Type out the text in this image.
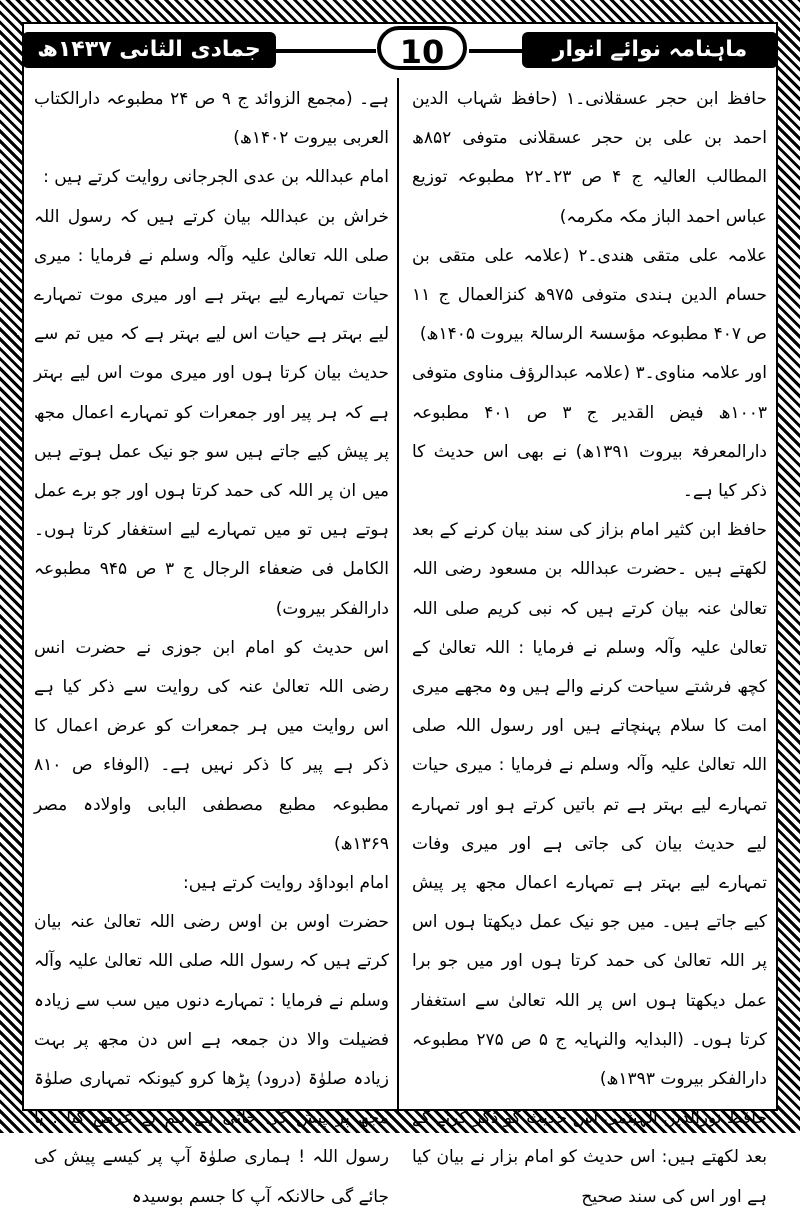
ماہنامہ نوائے انوار مدینہ
10
جمادی الثانی ۱۴۳۷ھ

حافظ ابن حجر عسقلانی۔۱ (حافظ شہاب الدین احمد بن علی بن حجر عسقلانی متوفی ۸۵۲ھ المطالب العالیہ ج ۴ ص ۲۳۔۲۲ مطبوعہ توزیع عباس احمد الباز مکہ مکرمہ)

علامہ علی متقی ھندی۔۲ (علامہ علی متقی بن حسام الدین ہندی متوفی ۹۷۵ھ کنزالعمال ج ۱۱ ص ۴۰۷ مطبوعہ مؤسسۃ الرسالۃ بیروت ۱۴۰۵ھ)

اور علامہ مناوی۔۳ (علامہ عبدالرؤف مناوی متوفی ۱۰۰۳ھ فیض القدیر ج ۳ ص ۴۰۱ مطبوعہ دارالمعرفۃ بیروت ۱۳۹۱ھ) نے بھی اس حدیث کا ذکر کیا ہے۔

حافظ ابن کثیر امام بزاز کی سند بیان کرنے کے بعد لکھتے ہیں ۔حضرت عبداللہ بن مسعود رضی اللہ تعالیٰ عنہ بیان کرتے ہیں کہ نبی کریم صلی اللہ تعالیٰ علیہ وآلہ وسلم نے فرمایا : اللہ تعالیٰ کے کچھ فرشتے سیاحت کرنے والے ہیں وہ مجھے میری امت کا سلام پہنچاتے ہیں اور رسول اللہ صلی اللہ تعالیٰ علیہ وآلہ وسلم نے فرمایا : میری حیات تمہارے لیے بہتر ہے تم باتیں کرتے ہو اور تمہارے لیے حدیث بیان کی جاتی ہے اور میری وفات تمہارے لیے بہتر ہے تمہارے اعمال مجھ پر پیش کیے جاتے ہیں۔ میں جو نیک عمل دیکھتا ہوں اس پر اللہ تعالیٰ کی حمد کرتا ہوں اور میں جو برا عمل دیکھتا ہوں اس پر اللہ تعالیٰ سے استغفار کرتا ہوں۔ (البدایہ والنہایہ ج ۵ ص ۲۷۵ مطبوعہ دارالفکر بیروت ۱۳۹۳ھ)

حافظ نورالدین الہیثمی اس حدیث کو ذکر کرنے کے بعد لکھتے ہیں: اس حدیث کو امام بزار نے بیان کیا ہے اور اس کی سند صحیح

ہے۔ (مجمع الزوائد ج ۹ ص ۲۴ مطبوعہ دارالکتاب العربی بیروت ۱۴۰۲ھ)

امام عبداللہ بن عدی الجرجانی روایت کرتے ہیں :

خراش بن عبداللہ بیان کرتے ہیں کہ رسول اللہ صلی اللہ تعالیٰ علیہ وآلہ وسلم نے فرمایا : میری حیات تمہارے لیے بہتر ہے اور میری موت تمہارے لیے بہتر ہے حیات اس لیے بہتر ہے کہ میں تم سے حدیث بیان کرتا ہوں اور میری موت اس لیے بہتر ہے کہ ہر پیر اور جمعرات کو تمہارے اعمال مجھ پر پیش کیے جاتے ہیں سو جو نیک عمل ہوتے ہیں میں ان پر اللہ کی حمد کرتا ہوں اور جو برے عمل ہوتے ہیں تو میں تمہارے لیے استغفار کرتا ہوں۔ الکامل فی ضعفاء الرجال ج ۳ ص ۹۴۵ مطبوعہ دارالفکر بیروت)

اس حدیث کو امام ابن جوزی نے حضرت انس رضی اللہ تعالیٰ عنہ کی روایت سے ذکر کیا ہے اس روایت میں ہر جمعرات کو عرض اعمال کا ذکر ہے پیر کا ذکر نہیں ہے۔ (الوفاء ص ۸۱۰ مطبوعہ مطبع مصطفی البابی واولادہ مصر ۱۳۶۹ھ)

امام ابوداؤد روایت کرتے ہیں:

حضرت اوس بن اوس رضی اللہ تعالیٰ عنہ بیان کرتے ہیں کہ رسول اللہ صلی اللہ تعالیٰ علیہ وآلہ وسلم نے فرمایا : تمہارے دنوں میں سب سے زیادہ فضیلت والا دن جمعہ ہے اس دن مجھ پر بہت زیادہ صلوٰۃ (درود) پڑھا کرو کیونکہ تمہاری صلوٰۃ مجھ پر پیش کی جاتی ہے ہم نے عرض کیا : یا رسول اللہ ! ہماری صلوٰۃ آپ پر کیسے پیش کی جائے گی حالانکہ آپ کا جسم بوسیدہ
